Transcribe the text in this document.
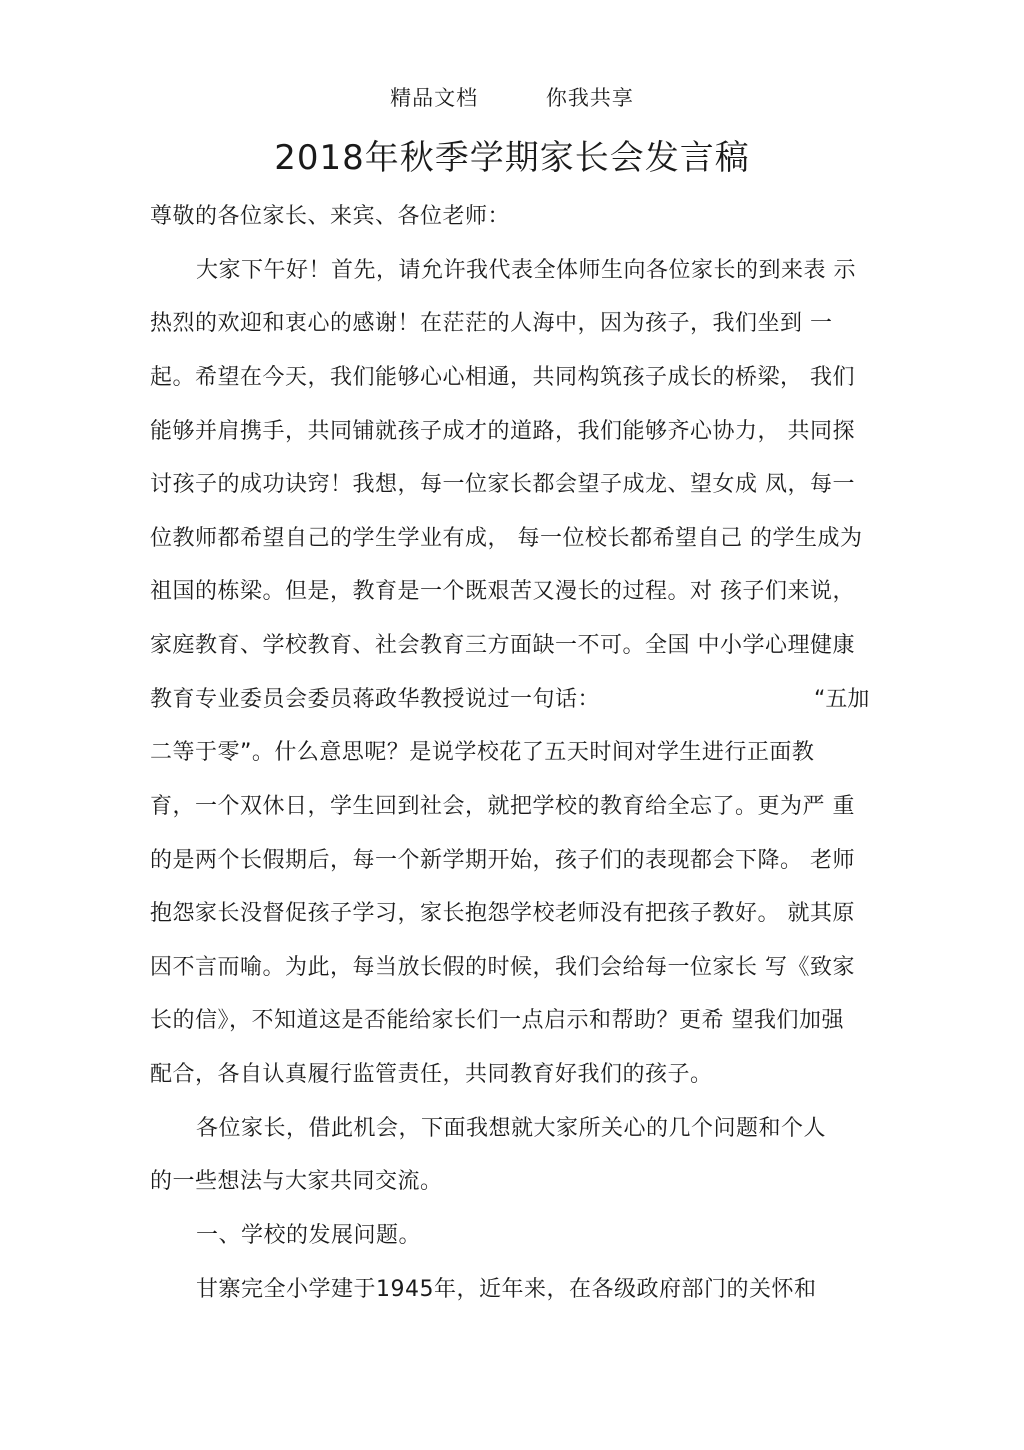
精品文档	你我共享
2018年秋季学期家长会发言稿
尊敬的各位家长、来宾、各位老师：
大家下午好！首先，请允许我代表全体师生向各位家长的到来表 示
热烈的欢迎和衷心的感谢！在茫茫的人海中，因为孩子，我们坐到 一
起。希望在今天，我们能够心心相通，共同构筑孩子成长的桥梁， 我们
能够并肩携手，共同铺就孩子成才的道路，我们能够齐心协力， 共同探
讨孩子的成功诀窍！我想，每一位家长都会望子成龙、望女成 凤，每一
位教师都希望自己的学生学业有成， 每一位校长都希望自己 的学生成为
祖国的栋梁。但是，教育是一个既艰苦又漫长的过程。对 孩子们来说，
家庭教育、学校教育、社会教育三方面缺一不可。全国 中小学心理健康
教育专业委员会委员蒋政华教授说过一句话：	“五加
二等于零”。什么意思呢？是说学校花了五天时间对学生进行正面教
育，一个双休日，学生回到社会，就把学校的教育给全忘了。更为严 重
的是两个长假期后，每一个新学期开始，孩子们的表现都会下降。 老师
抱怨家长没督促孩子学习，家长抱怨学校老师没有把孩子教好。 就其原
因不言而喻。为此，每当放长假的时候，我们会给每一位家长 写《致家
长的信》，不知道这是否能给家长们一点启示和帮助？更希 望我们加强
配合，各自认真履行监管责任，共同教育好我们的孩子。
各位家长，借此机会，下面我想就大家所关心的几个问题和个人
的一些想法与大家共同交流。
一、学校的发展问题。
甘寨完全小学建于1945年，近年来，在各级政府部门的关怀和
